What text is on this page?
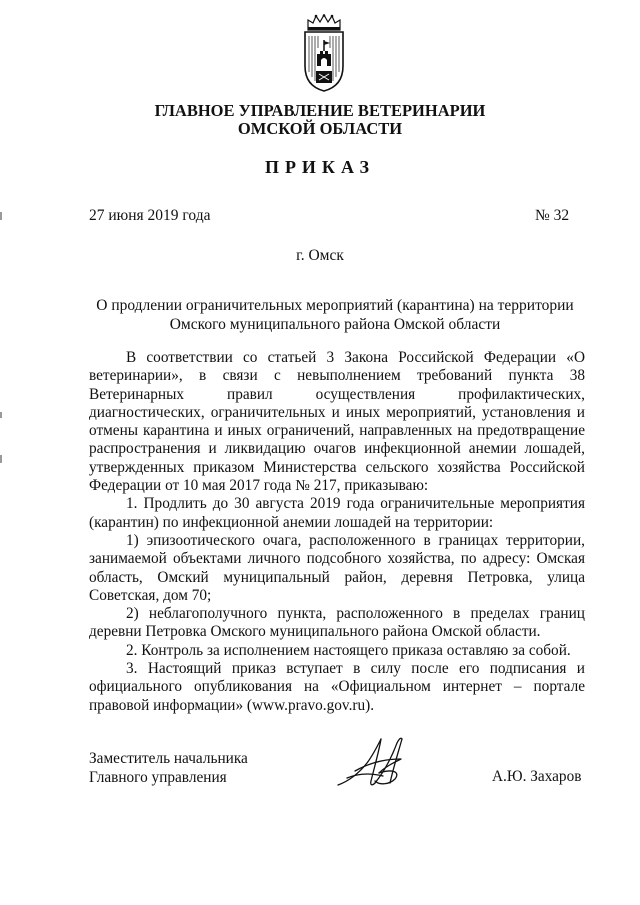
ГЛАВНОЕ УПРАВЛЕНИЕ ВЕТЕРИНАРИИ
ОМСКОЙ ОБЛАСТИ
ПРИКАЗ
27 июня 2019 года	№ 32
г. Омск
О продлении ограничительных мероприятий (карантина) на территории
Омского муниципального района Омской области

В соответствии со статьей 3 Закона Российской Федерации «О ветеринарии», в связи с невыполнением требований пункта 38 Ветеринарных правил осуществления профилактических, диагностических, ограничительных и иных мероприятий, установления и отмены карантина и иных ограничений, направленных на предотвращение распространения и ликвидацию очагов инфекционной анемии лошадей, утвержденных приказом Министерства сельского хозяйства Российской Федерации от 10 мая 2017 года № 217, приказываю:

1. Продлить до 30 августа 2019 года ограничительные мероприятия (карантин) по инфекционной анемии лошадей на территории:

1) эпизоотического очага, расположенного в границах территории, занимаемой объектами личного подсобного хозяйства, по адресу: Омская область, Омский муниципальный район, деревня Петровка, улица Советская, дом 70;

2) неблагополучного пункта, расположенного в пределах границ деревни Петровка Омского муниципального района Омской области.

2. Контроль за исполнением настоящего приказа оставляю за собой.

3. Настоящий приказ вступает в силу после его подписания и официального опубликования на «Официальном интернет – портале правовой информации» (www.pravo.gov.ru).

Заместитель начальника
Главного управления	А.Ю. Захаров
